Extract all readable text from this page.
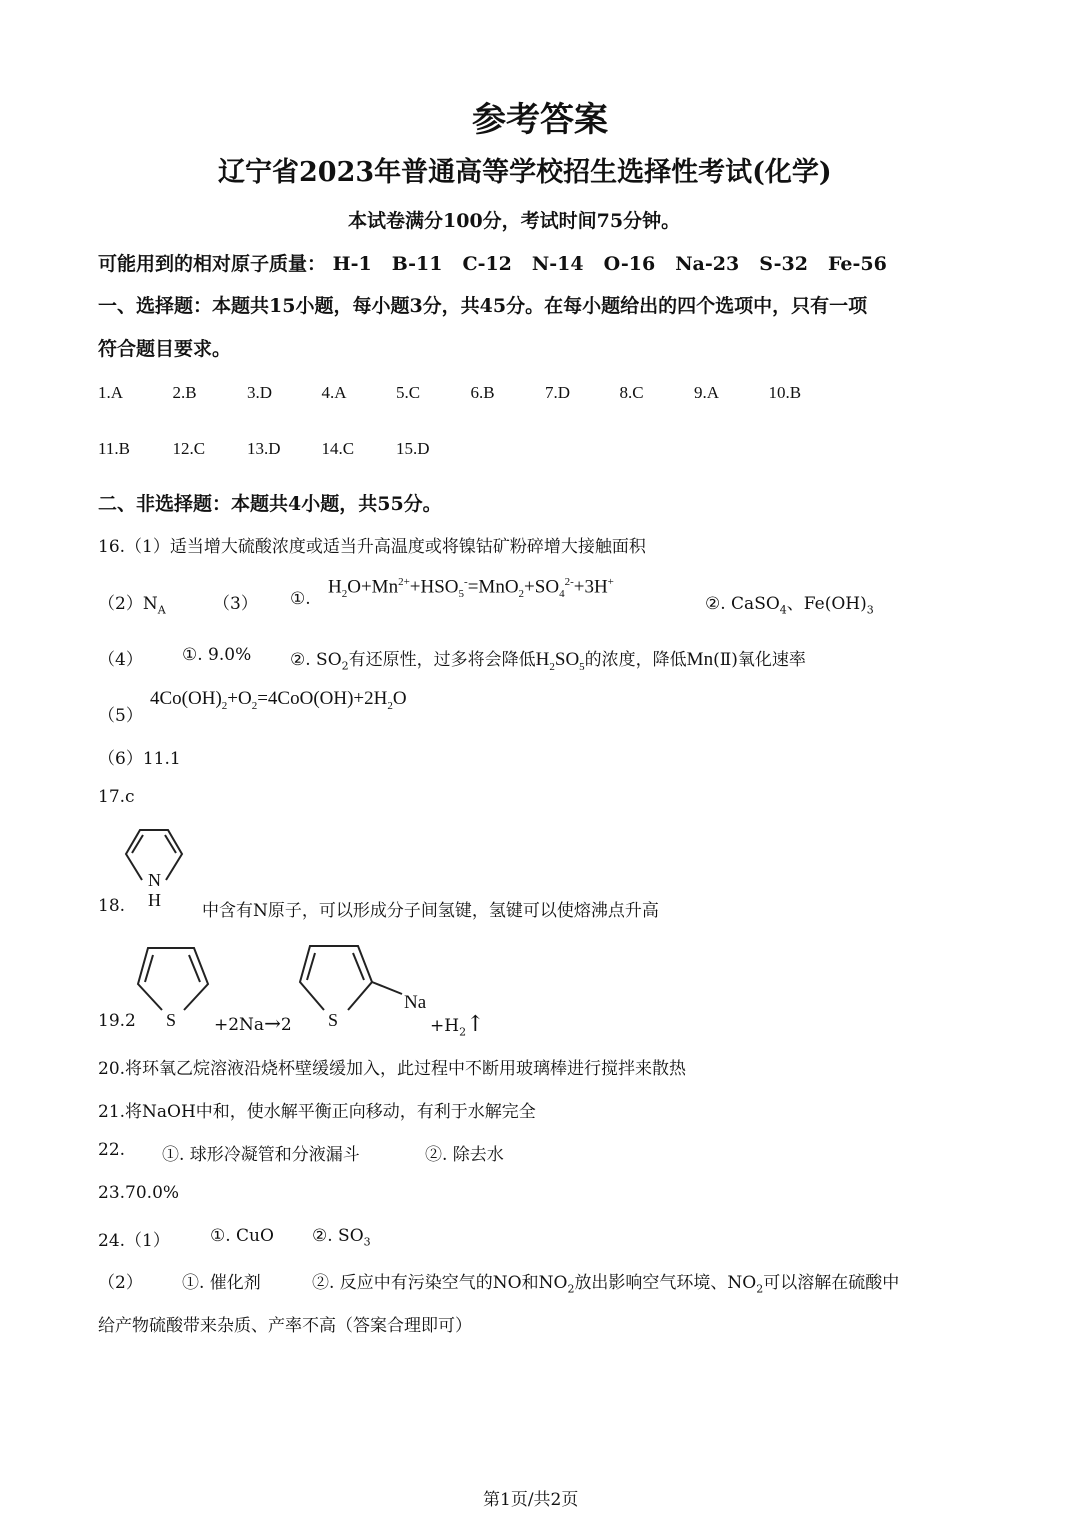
参考答案
辽宁省2023年普通高等学校招生选择性考试(化学)
本试卷满分100分，考试时间75分钟。
可能用到的相对原子质量： H-1 B-11 C-12 N-14 O-16 Na-23 S-32 Fe-56
一、选择题：本题共15小题，每小题3分，共45分。在每小题给出的四个选项中，只有一项
符合题目要求。
1.A	2.B	3.D	4.A	5.C	6.B	7.D	8.C	9.A	10.B
11.B	12.C 13.D 14.C 15.D
二、非选择题：本题共4小题，共55分。
16.（1）适当增大硫酸浓度或适当升高温度或将镍钴矿粉碎增大接触面积
$(2)N_A$	（3） ①.
$H_2O+Mn^{2+}+HSO_5^-=MnO_2+SO_4^{2-}+3H^+$
②. CaSO$_4$、$Fe(OH)_3$
（4） ①. 9.0% ②. $SO_2$有还原性，过多将会降低$H_2SO_5$的浓度，降低Mn(Ⅱ)氧化速率
（5）
$4Co(OH)_2+O_2=4CoO(OH)+2H_2O$
（6）11.1
17.c
N
H
18.	中含有N原子，可以形成分子间氢键，氢键可以使熔沸点升高
S
19.2	+2Na→2 S
Na
$+H_2↑$
20.将环氧乙烷溶液沿烧杯壁缓缓加入，此过程中不断用玻璃棒进行搅拌来散热
21.将NaOH中和，使水解平衡正向移动，有利于水解完全
22. ①. 球形冷凝管和分液漏斗	②. 除去水
23.70.0%
24.（1） ①. CuO ②. $SO_3$
（2） ①. 催化剂	②. 反应中有污染空气的NO和$NO_2$放出影响空气环境、$NO_2$可以溶解在硫酸中
给产物硫酸带来杂质、产率不高（答案合理即可）
第1页/共2页
